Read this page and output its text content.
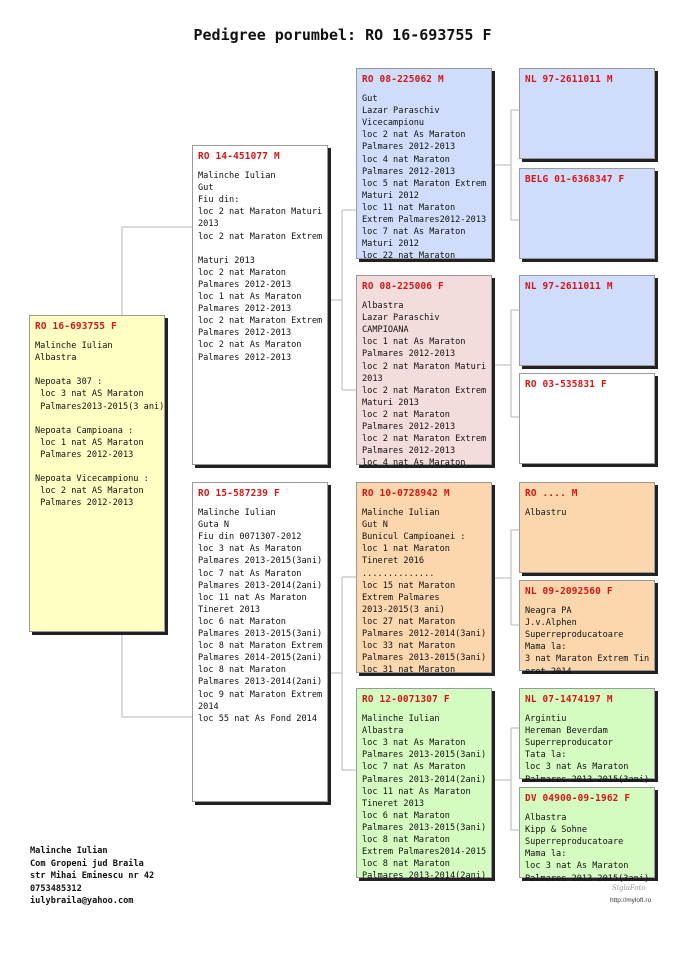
Pedigree porumbel: RO 16-693755 F
RO 16-693755 F
Malinche Iulian
Albastra

Nepoata 307 :
loc 3 nat AS Maraton
Palmares2013-2015(3 ani)

Nepoata Campioana :
loc 1 nat AS Maraton
Palmares 2012-2013

Nepoata Vicecampionu :
loc 2 nat AS Maraton
Palmares 2012-2013
RO 14-451077 M
Malinche Iulian
Gut
Fiu din:
loc 2 nat Maraton Maturi
2013
loc 2 nat Maraton Extrem

Maturi 2013
loc 2 nat Maraton
Palmares 2012-2013
loc 1 nat As Maraton
Palmares 2012-2013
loc 2 nat Maraton Extrem
Palmares 2012-2013
loc 2 nat As Maraton
Palmares 2012-2013
RO 15-587239 F
Malinche Iulian
Guta N
Fiu din 0071307-2012
loc 3 nat As Maraton
Palmares 2013-2015(3ani)
loc 7 nat As Maraton
Palmares 2013-2014(2ani)
loc 11 nat As Maraton
Tineret 2013
loc 6 nat Maraton
Palmares 2013-2015(3ani)
loc 8 nat Maraton Extrem
Palmares 2014-2015(2ani)
loc 8 nat Maraton
Palmares 2013-2014(2ani)
loc 9 nat Maraton Extrem
2014
loc 55 nat As Fond 2014
RO 08-225062 M
Gut
Lazar Paraschiv
Vicecampionu
loc 2 nat As Maraton
Palmares 2012-2013
loc 4 nat Maraton
Palmares 2012-2013
loc 5 nat Maraton Extrem
Maturi 2012
loc 11 nat Maraton
Extrem Palmares2012-2013
loc 7 nat As Maraton
Maturi 2012
loc 22 nat Maraton
RO 08-225006 F
Albastra
Lazar Paraschiv
CAMPIOANA
loc 1 nat As Maraton
Palmares 2012-2013
loc 2 nat Maraton Maturi
2013
loc 2 nat Maraton Extrem
Maturi 2013
loc 2 nat Maraton
Palmares 2012-2013
loc 2 nat Maraton Extrem
Palmares 2012-2013
loc 4 nat As Maraton
RO 10-0728942 M
Malinche Iulian
Gut N
Bunicul Campioanei :
loc 1 nat Maraton
Tineret 2016
..............
loc 15 nat Maraton
Extrem Palmares
2013-2015(3 ani)
loc 27 nat Maraton
Palmares 2012-2014(3ani)
loc 33 nat Maraton
Palmares 2013-2015(3ani)
loc 31 nat Maraton
RO 12-0071307 F
Malinche Iulian
Albastra
loc 3 nat As Maraton
Palmares 2013-2015(3ani)
loc 7 nat As Maraton
Palmares 2013-2014(2ani)
loc 11 nat As Maraton
Tineret 2013
loc 6 nat Maraton
Palmares 2013-2015(3ani)
loc 8 nat Maraton
Extrem Palmares2014-2015
loc 8 nat Maraton
Palmares 2013-2014(2ani)
NL 97-2611011 M
BELG 01-6368347 F
NL 97-2611011 M
RO 03-535831 F
RO .... M
Albastru
NL 09-2092560 F
Neagra PA
J.v.Alphen
Superreproducatoare
Mama la:
3 nat Maraton Extrem Tin
eret 2014
NL 07-1474197 M
Argintiu
Hereman Beverdam
Superreproducator
Tata la:
loc 3 nat As Maraton
Palmares 2013-2015(3ani)
DV 04900-09-1962 F
Albastra
Kipp & Sohne
Superreproducatoare
Mama la:
loc 3 nat As Maraton
Palmares 2013-2015(3ani)
Malinche Iulian
Com Gropeni jud Braila
str Mihai Eminescu nr 42
0753485312
iulybraila@yahoo.com
SiglaFoto
http://myloft.ro
